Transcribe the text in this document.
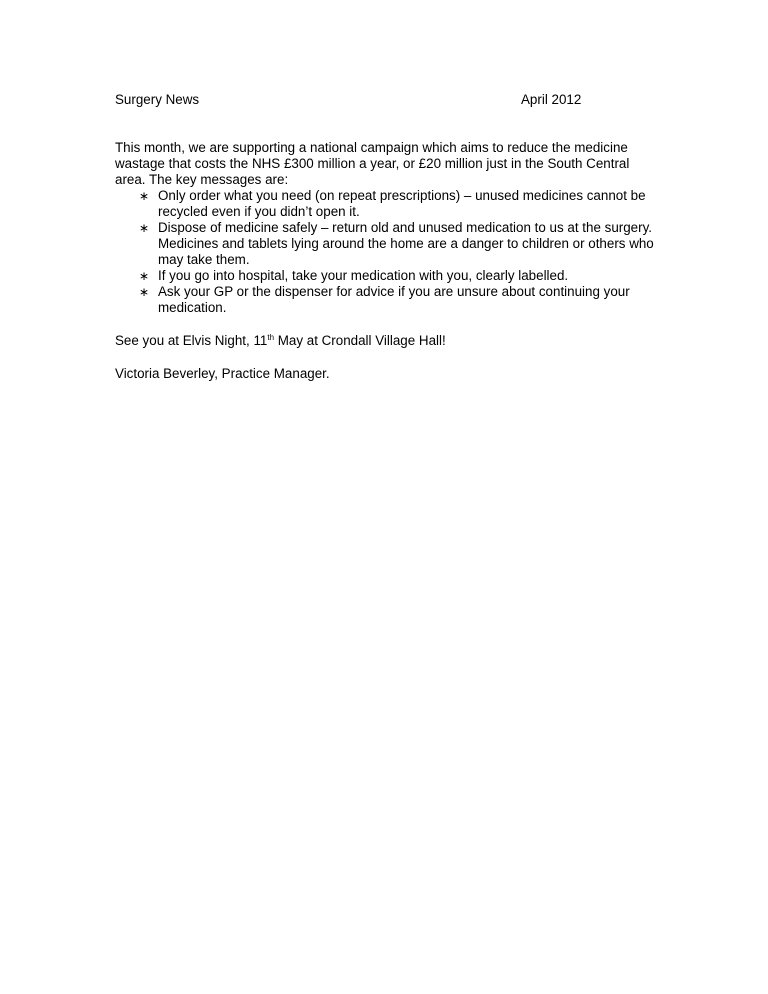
Surgery News	April 2012

This month, we are supporting a national campaign which aims to reduce the medicine wastage that costs the NHS £300 million a year, or £20 million just in the South Central area. The key messages are:

∗ Only order what you need (on repeat prescriptions) – unused medicines cannot be recycled even if you didn’t open it.
∗ Dispose of medicine safely – return old and unused medication to us at the surgery. Medicines and tablets lying around the home are a danger to children or others who may take them.
∗ If you go into hospital, take your medication with you, clearly labelled.
∗ Ask your GP or the dispenser for advice if you are unsure about continuing your medication.
See you at Elvis Night, 11th May at Crondall Village Hall!
Victoria Beverley, Practice Manager.
